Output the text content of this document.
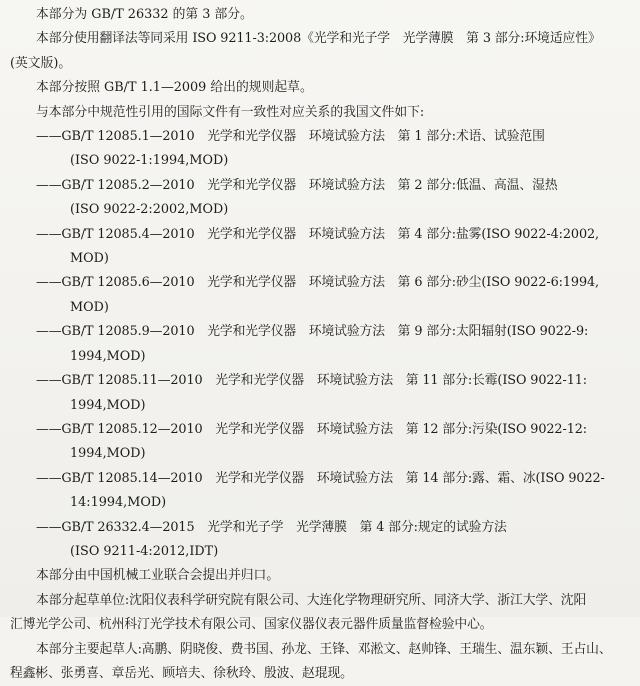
本部分为 GB/T 26332 的第 3 部分。
本部分使用翻译法等同采用 ISO 9211-3:2008《光学和光子学　光学薄膜　第 3 部分:环境适应性》
(英文版)。
本部分按照 GB/T 1.1—2009 给出的规则起草。
与本部分中规范性引用的国际文件有一致性对应关系的我国文件如下:
——GB/T 12085.1—2010　光学和光学仪器　环境试验方法　第 1 部分:术语、试验范围
(ISO 9022-1:1994,MOD)
——GB/T 12085.2—2010　光学和光学仪器　环境试验方法　第 2 部分:低温、高温、湿热
(ISO 9022-2:2002,MOD)
——GB/T 12085.4—2010　光学和光学仪器　环境试验方法　第 4 部分:盐雾(ISO 9022-4:2002,
MOD)
——GB/T 12085.6—2010　光学和光学仪器　环境试验方法　第 6 部分:砂尘(ISO 9022-6:1994,
MOD)
——GB/T 12085.9—2010　光学和光学仪器　环境试验方法　第 9 部分:太阳辐射(ISO 9022-9:
1994,MOD)
——GB/T 12085.11—2010　光学和光学仪器　环境试验方法　第 11 部分:长霉(ISO 9022-11:
1994,MOD)
——GB/T 12085.12—2010　光学和光学仪器　环境试验方法　第 12 部分:污染(ISO 9022-12:
1994,MOD)
——GB/T 12085.14—2010　光学和光学仪器　环境试验方法　第 14 部分:露、霜、冰(ISO 9022-
14:1994,MOD)
——GB/T 26332.4—2015　光学和光子学　光学薄膜　第 4 部分:规定的试验方法
(ISO 9211-4:2012,IDT)
本部分由中国机械工业联合会提出并归口。
本部分起草单位:沈阳仪表科学研究院有限公司、大连化学物理研究所、同济大学、浙江大学、沈阳
汇博光学公司、杭州科汀光学技术有限公司、国家仪器仪表元器件质量监督检验中心。
本部分主要起草人:高鹏、阴晓俊、费书国、孙龙、王锋、邓淞文、赵帅锋、王瑞生、温东颖、王占山、
程鑫彬、张勇喜、章岳光、顾培夫、徐秋玲、殷波、赵琨现。
